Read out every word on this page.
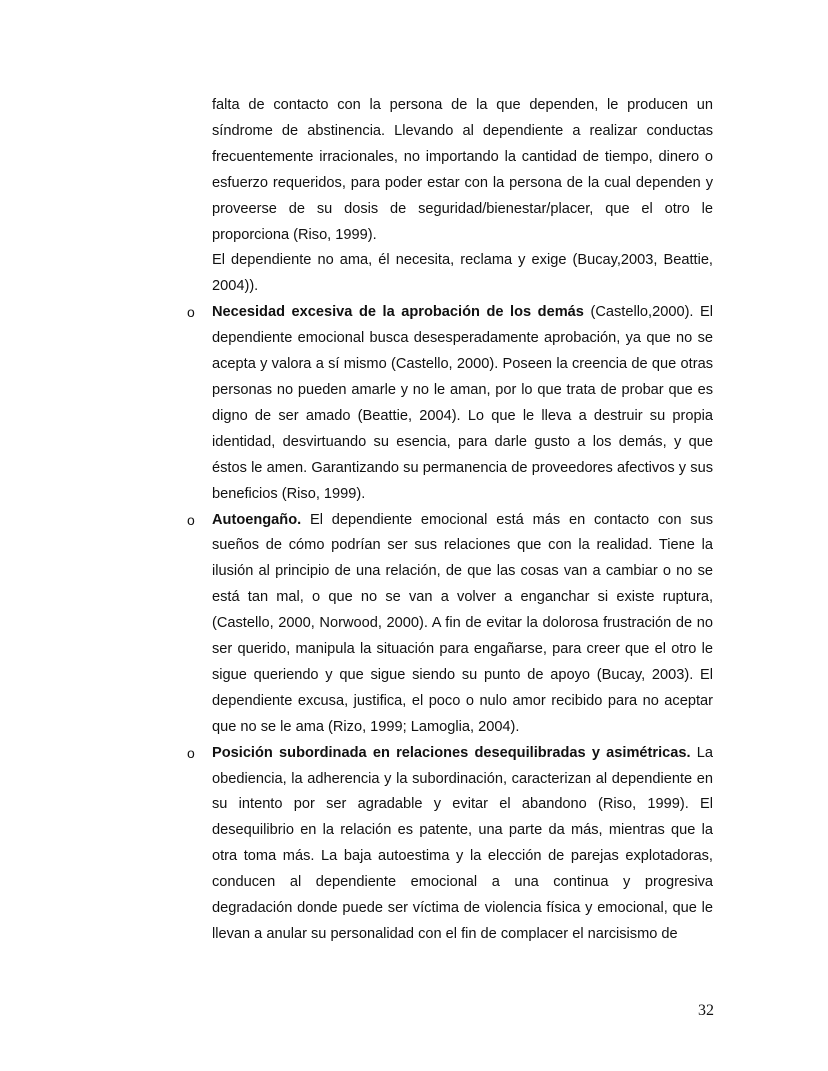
falta de contacto con la persona de la que dependen, le producen un síndrome de abstinencia. Llevando al dependiente a realizar conductas frecuentemente irracionales, no importando la cantidad de tiempo, dinero o esfuerzo requeridos, para poder estar con la persona de la cual dependen y proveerse de su dosis de seguridad/bienestar/placer, que el otro le proporciona (Riso, 1999).

El dependiente no ama, él necesita, reclama y exige (Bucay,2003, Beattie, 2004)).

o Necesidad excesiva de la aprobación de los demás (Castello,2000). El dependiente emocional busca desesperadamente aprobación, ya que no se acepta y valora a sí mismo (Castello, 2000). Poseen la creencia de que otras personas no pueden amarle y no le aman, por lo que trata de probar que es digno de ser amado (Beattie, 2004). Lo que le lleva a destruir su propia identidad, desvirtuando su esencia, para darle gusto a los demás, y que éstos le amen. Garantizando su permanencia de proveedores afectivos y sus beneficios (Riso, 1999).

o Autoengaño. El dependiente emocional está más en contacto con sus sueños de cómo podrían ser sus relaciones que con la realidad. Tiene la ilusión al principio de una relación, de que las cosas van a cambiar o no se está tan mal, o que no se van a volver a enganchar si existe ruptura, (Castello, 2000, Norwood, 2000). A fin de evitar la dolorosa frustración de no ser querido, manipula la situación para engañarse, para creer que el otro le sigue queriendo y que sigue siendo su punto de apoyo (Bucay, 2003). El dependiente excusa, justifica, el poco o nulo amor recibido para no aceptar que no se le ama (Rizo, 1999; Lamoglia, 2004).

o Posición subordinada en relaciones desequilibradas y asimétricas. La obediencia, la adherencia y la subordinación, caracterizan al dependiente en su intento por ser agradable y evitar el abandono (Riso, 1999). El desequilibrio en la relación es patente, una parte da más, mientras que la otra toma más. La baja autoestima y la elección de parejas explotadoras, conducen al dependiente emocional a una continua y progresiva degradación donde puede ser víctima de violencia física y emocional, que le llevan a anular su personalidad con el fin de complacer el narcisismo de

32
